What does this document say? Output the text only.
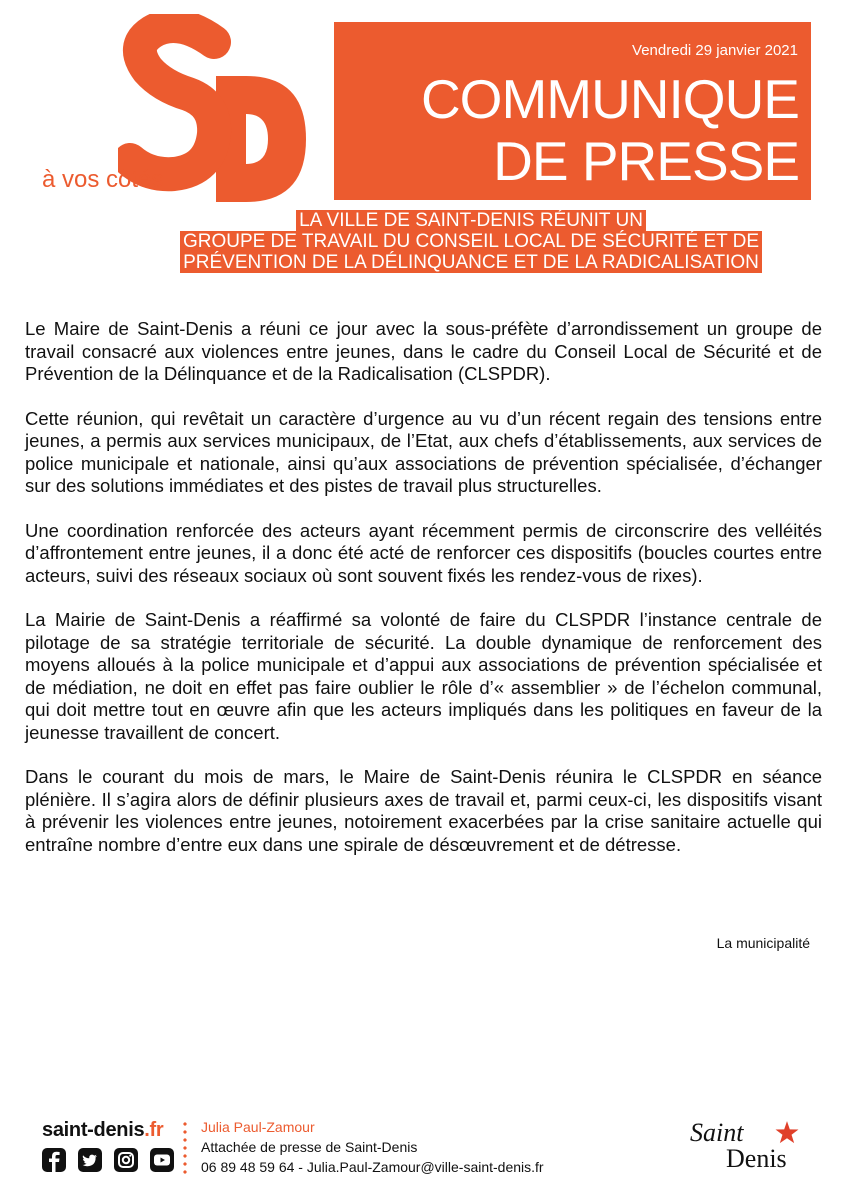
à vos côtés
Vendredi 29 janvier 2021
COMMUNIQUE
DE PRESSE
LA VILLE DE SAINT-DENIS RÉUNIT UN
GROUPE DE TRAVAIL DU CONSEIL LOCAL DE SÉCURITÉ ET DE
PRÉVENTION DE LA DÉLINQUANCE ET DE LA RADICALISATION

Le Maire de Saint-Denis a réuni ce jour avec la sous-préfète d’arrondissement un groupe de travail consacré aux violences entre jeunes, dans le cadre du Conseil Local de Sécurité et de Prévention de la Délinquance et de la Radicalisation (CLSPDR).

Cette réunion, qui revêtait un caractère d’urgence au vu d’un récent regain des tensions entre jeunes, a permis aux services municipaux, de l’Etat, aux chefs d’établissements, aux services de police municipale et nationale, ainsi qu’aux associations de prévention spécialisée, d’échanger sur des solutions immédiates et des pistes de travail plus structurelles.

Une coordination renforcée des acteurs ayant récemment permis de circonscrire des velléités d’affrontement entre jeunes, il a donc été acté de renforcer ces dispositifs (boucles courtes entre acteurs, suivi des réseaux sociaux où sont souvent fixés les rendez-vous de rixes).

La Mairie de Saint-Denis a réaffirmé sa volonté de faire du CLSPDR l’instance centrale de pilotage de sa stratégie territoriale de sécurité. La double dynamique de renforcement des moyens alloués à la police municipale et d’appui aux associations de prévention spécialisée et de médiation, ne doit en effet pas faire oublier le rôle d’« assemblier » de l’échelon communal, qui doit mettre tout en œuvre afin que les acteurs impliqués dans les politiques en faveur de la jeunesse travaillent de concert.

Dans le courant du mois de mars, le Maire de Saint-Denis réunira le CLSPDR en séance plénière. Il s’agira alors de définir plusieurs axes de travail et, parmi ceux-ci, les dispositifs visant à prévenir les violences entre jeunes, notoirement exacerbées par la crise sanitaire actuelle qui entraîne nombre d’entre eux dans une spirale de désœuvrement et de détresse.

La municipalité
saint-denis.fr	Julia Paul-Zamour
Attachée de presse de Saint-Denis
06 89 48 59 64 - Julia.Paul-Zamour@ville-saint-denis.fr
Saint
Denis
